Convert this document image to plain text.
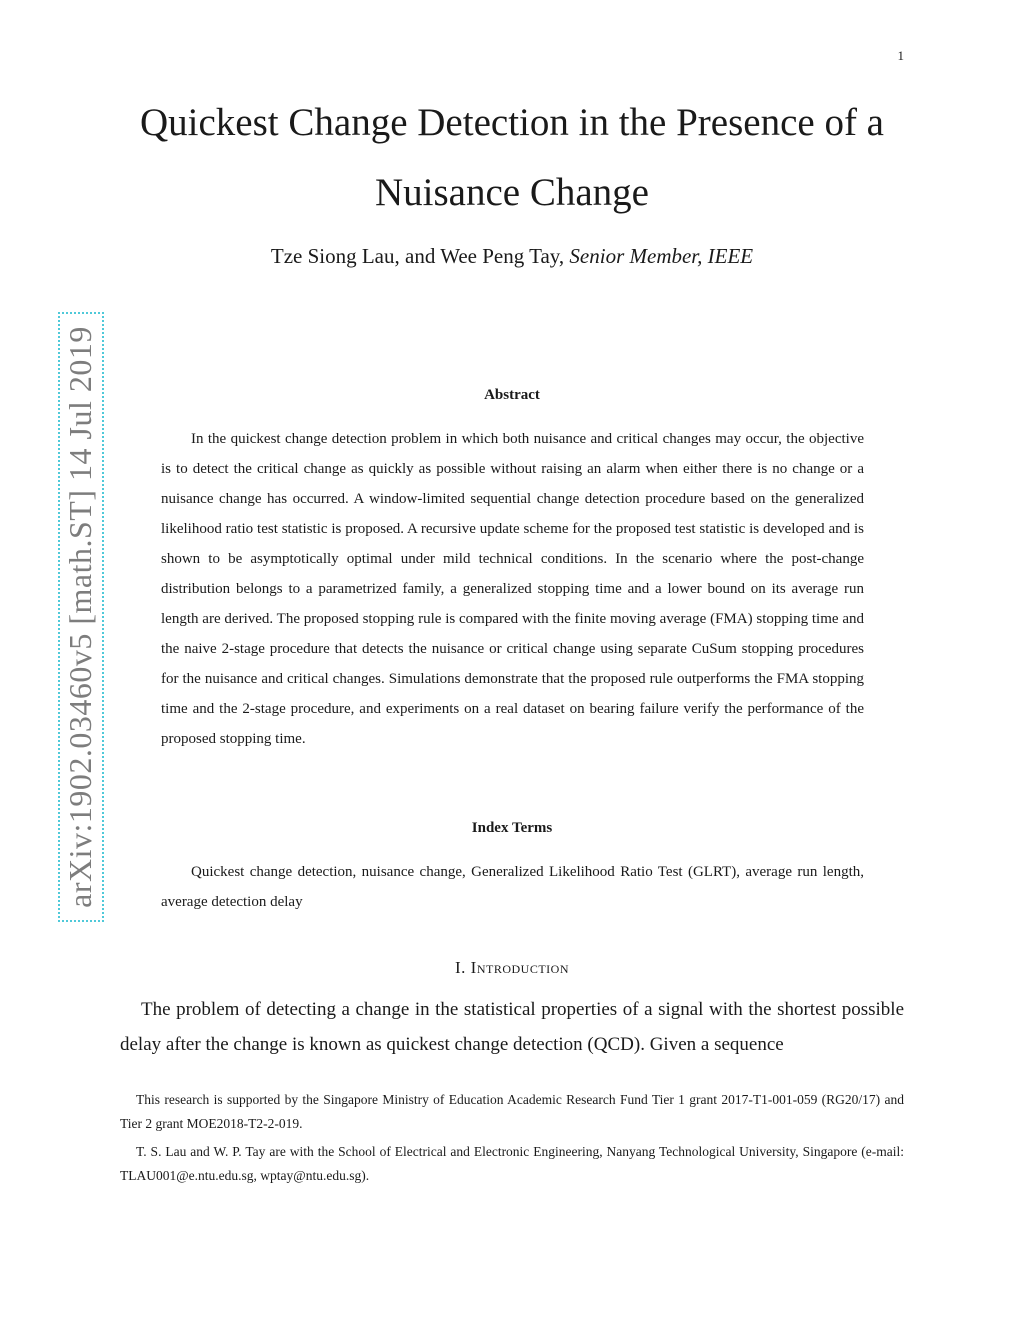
1
Quickest Change Detection in the Presence of a Nuisance Change
Tze Siong Lau, and Wee Peng Tay, Senior Member, IEEE
arXiv:1902.03460v5 [math.ST] 14 Jul 2019	Abstract

In the quickest change detection problem in which both nuisance and critical changes may occur, the objective is to detect the critical change as quickly as possible without raising an alarm when either there is no change or a nuisance change has occurred. A window-limited sequential change detection procedure based on the generalized likelihood ratio test statistic is proposed. A recursive update scheme for the proposed test statistic is developed and is shown to be asymptotically optimal under mild technical conditions. In the scenario where the post-change distribution belongs to a parametrized family, a generalized stopping time and a lower bound on its average run length are derived. The proposed stopping rule is compared with the finite moving average (FMA) stopping time and the naive 2-stage procedure that detects the nuisance or critical change using separate CuSum stopping procedures for the nuisance and critical changes. Simulations demonstrate that the proposed rule outperforms the FMA stopping time and the 2-stage procedure, and experiments on a real dataset on bearing failure verify the performance of the proposed stopping time.

Index Terms

Quickest change detection, nuisance change, Generalized Likelihood Ratio Test (GLRT), average run length, average detection delay

I. Introduction

The problem of detecting a change in the statistical properties of a signal with the shortest possible delay after the change is known as quickest change detection (QCD). Given a sequence

This research is supported by the Singapore Ministry of Education Academic Research Fund Tier 1 grant 2017-T1-001-059 (RG20/17) and Tier 2 grant MOE2018-T2-2-019.

T. S. Lau and W. P. Tay are with the School of Electrical and Electronic Engineering, Nanyang Technological University, Singapore (e-mail: TLAU001@e.ntu.edu.sg, wptay@ntu.edu.sg).
